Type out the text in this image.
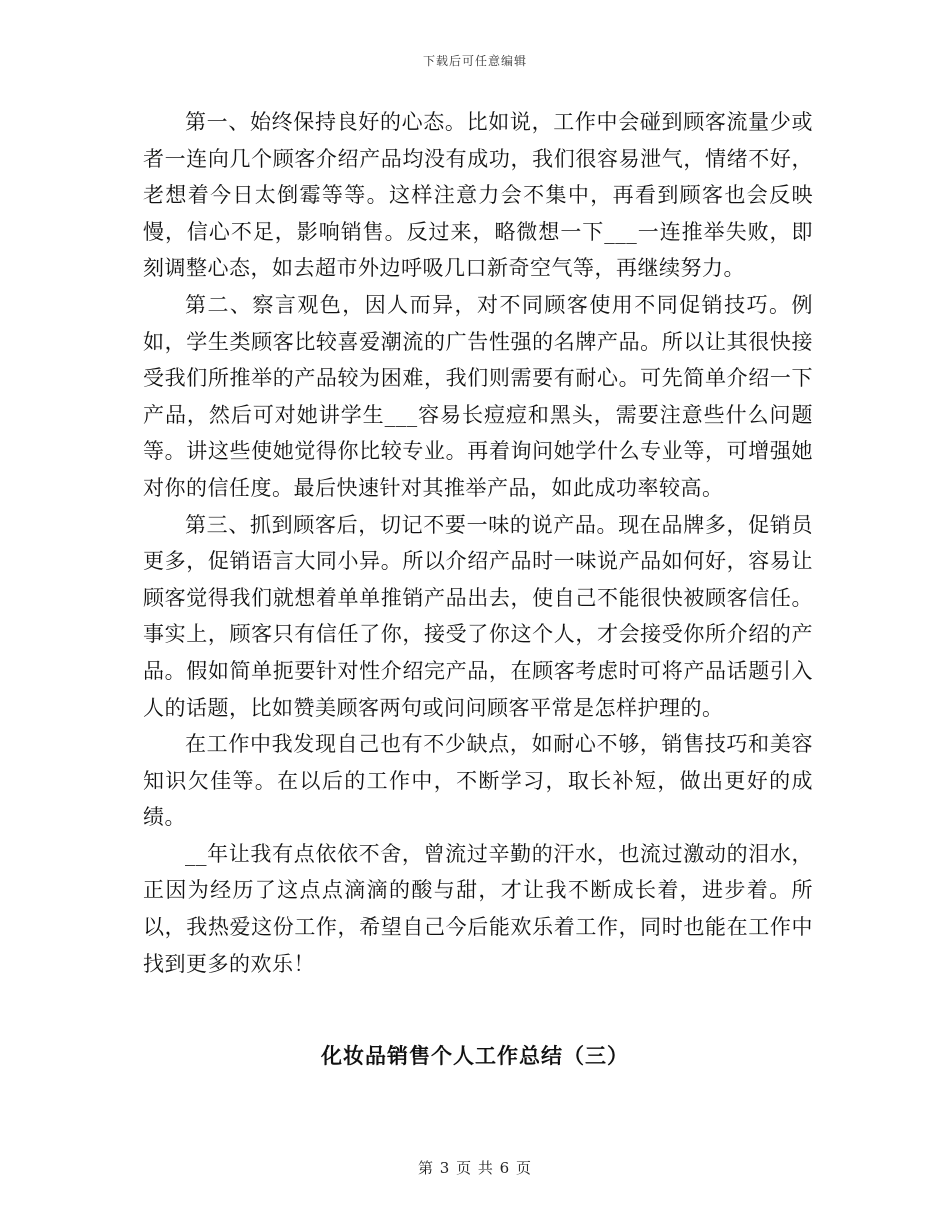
下载后可任意编辑

第一、始终保持良好的心态。比如说，工作中会碰到顾客流量少或者一连向几个顾客介绍产品均没有成功，我们很容易泄气，情绪不好，老想着今日太倒霉等等。这样注意力会不集中，再看到顾客也会反映慢，信心不足，影响销售。反过来，略微想一下___一连推举失败，即刻调整心态，如去超市外边呼吸几口新奇空气等，再继续努力。

第二、察言观色，因人而异，对不同顾客使用不同促销技巧。例如，学生类顾客比较喜爱潮流的广告性强的名牌产品。所以让其很快接受我们所推举的产品较为困难，我们则需要有耐心。可先简单介绍一下产品，然后可对她讲学生___容易长痘痘和黑头，需要注意些什么问题等。讲这些使她觉得你比较专业。再着询问她学什么专业等，可增强她对你的信任度。最后快速针对其推举产品，如此成功率较高。

第三、抓到顾客后，切记不要一味的说产品。现在品牌多，促销员更多，促销语言大同小异。所以介绍产品时一味说产品如何好，容易让顾客觉得我们就想着单单推销产品出去，使自己不能很快被顾客信任。事实上，顾客只有信任了你，接受了你这个人，才会接受你所介绍的产品。假如简单扼要针对性介绍完产品，在顾客考虑时可将产品话题引入人的话题，比如赞美顾客两句或问问顾客平常是怎样护理的。

在工作中我发现自己也有不少缺点，如耐心不够，销售技巧和美容知识欠佳等。在以后的工作中，不断学习，取长补短，做出更好的成绩。

__年让我有点依依不舍，曾流过辛勤的汗水，也流过激动的泪水，正因为经历了这点点滴滴的酸与甜，才让我不断成长着，进步着。所以，我热爱这份工作，希望自己今后能欢乐着工作，同时也能在工作中找到更多的欢乐！

化妆品销售个人工作总结（三）
第 3 页 共 6 页
